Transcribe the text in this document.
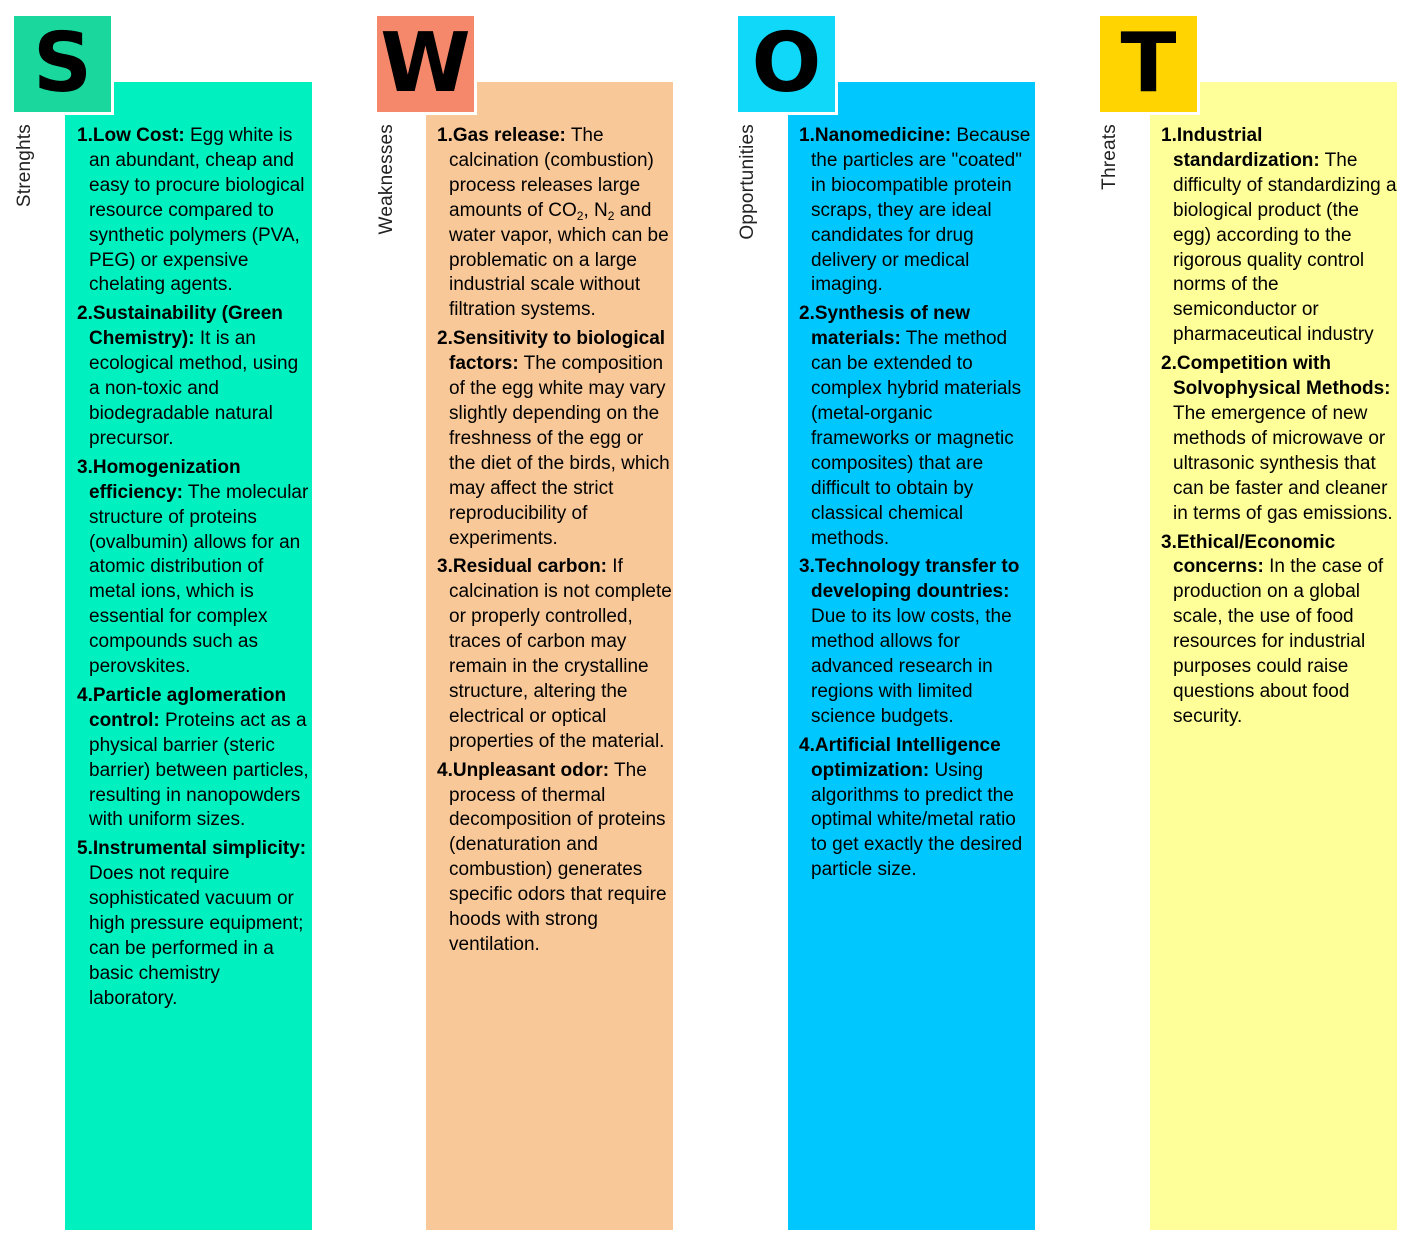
S
Strenghts 1.Low Cost: Egg white is an abundant, cheap and easy to procure biological resource compared to synthetic polymers (PVA, PEG) or expensive chelating agents.
2.Sustainability (Green Chemistry): It is an ecological method, using a non-toxic and biodegradable natural precursor.
3.Homogenization efficiency: The molecular structure of proteins (ovalbumin) allows for an atomic distribution of metal ions, which is essential for complex compounds such as perovskites.
4.Particle aglomeration control: Proteins act as a physical barrier (steric barrier) between particles, resulting in nanopowders with uniform sizes.
5.Instrumental simplicity: Does not require sophisticated vacuum or high pressure equipment; can be performed in a basic chemistry laboratory.
W
Weaknesses 1.Gas release: The calcination (combustion) process releases large amounts of $CO_2$, $N_2$ and water vapor, which can be problematic on a large industrial scale without filtration systems.
2.Sensitivity to biological factors: The composition of the egg white may vary slightly depending on the freshness of the egg or the diet of the birds, which may affect the strict reproducibility of experiments.
3.Residual carbon: If calcination is not complete or properly controlled, traces of carbon may remain in the crystalline structure, altering the electrical or optical properties of the material.
4.Unpleasant odor: The process of thermal decomposition of proteins (denaturation and combustion) generates specific odors that require hoods with strong ventilation.
O
Opportunities 1.Nanomedicine: Because the particles are "coated" in biocompatible protein scraps, they are ideal candidates for drug delivery or medical imaging.
2.Synthesis of new materials: The method can be extended to complex hybrid materials (metal-organic frameworks or magnetic composites) that are difficult to obtain by classical chemical methods.
3.Technology transfer to developing dountries: Due to its low costs, the method allows for advanced research in regions with limited science budgets.
4.Artificial Intelligence optimization: Using algorithms to predict the optimal white/metal ratio to get exactly the desired particle size.
T
Threats 1.Industrial standardization: The difficulty of standardizing a biological product (the egg) according to the rigorous quality control norms of the semiconductor or pharmaceutical industry
2.Competition with Solvophysical Methods: The emergence of new methods of microwave or ultrasonic synthesis that can be faster and cleaner in terms of gas emissions.
3.Ethical/Economic concerns: In the case of production on a global scale, the use of food resources for industrial purposes could raise questions about food security.
